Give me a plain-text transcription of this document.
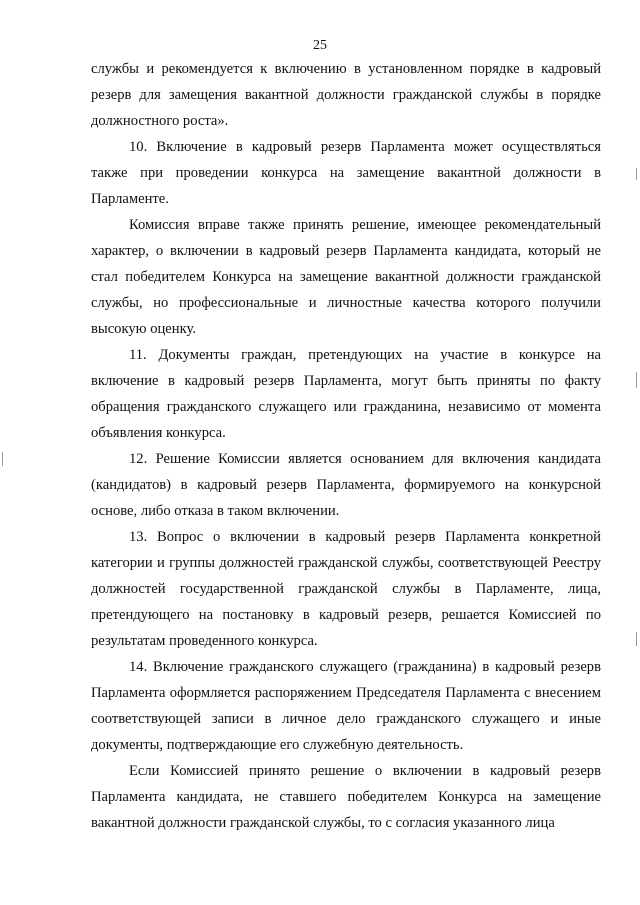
25

службы и рекомендуется к включению в установленном порядке в кадровый резерв для замещения вакантной должности гражданской службы в порядке должностного роста».

10. Включение в кадровый резерв Парламента может осуществляться также при проведении конкурса на замещение вакантной должности в Парламенте.

Комиссия вправе также принять решение, имеющее рекомендательный характер, о включении в кадровый резерв Парламента кандидата, который не стал победителем Конкурса на замещение вакантной должности гражданской службы, но профессиональные и личностные качества которого получили высокую оценку.

11. Документы граждан, претендующих на участие в конкурсе на включение в кадровый резерв Парламента, могут быть приняты по факту обращения гражданского служащего или гражданина, независимо от момента объявления конкурса.

12. Решение Комиссии является основанием для включения кандидата (кандидатов) в кадровый резерв Парламента, формируемого на конкурсной основе, либо отказа в таком включении.

13. Вопрос о включении в кадровый резерв Парламента конкретной категории и группы должностей гражданской службы, соответствующей Реестру должностей государственной гражданской службы в Парламенте, лица, претендующего на постановку в кадровый резерв, решается Комиссией по результатам проведенного конкурса.

14. Включение гражданского служащего (гражданина) в кадровый резерв Парламента оформляется распоряжением Председателя Парламента с внесением соответствующей записи в личное дело гражданского служащего и иные документы, подтверждающие его служебную деятельность.

Если Комиссией принято решение о включении в кадровый резерв Парламента кандидата, не ставшего победителем Конкурса на замещение вакантной должности гражданской службы, то с согласия указанного лица
